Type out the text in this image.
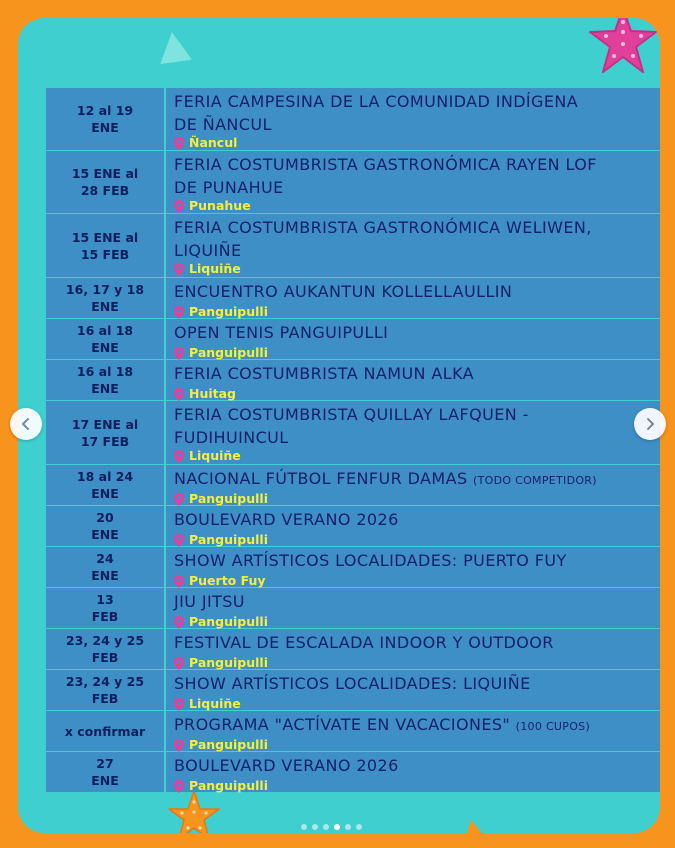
12 al 19
ENE
FERIA CAMPESINA DE LA COMUNIDAD INDÍGENA
DE ÑANCUL
Ñancul
15 ENE al
28 FEB
FERIA COSTUMBRISTA GASTRONÓMICA RAYEN LOF
DE PUNAHUE
Punahue
15 ENE al
15 FEB
FERIA COSTUMBRISTA GASTRONÓMICA WELIWEN,
LIQUIÑE
Liquiñe
16, 17 y 18
ENE
ENCUENTRO AUKANTUN KOLLELLAULLIN
Panguipulli
16 al 18
ENE
OPEN TENIS PANGUIPULLI
Panguipulli
16 al 18
ENE
FERIA COSTUMBRISTA NAMUN ALKA
Huitag
17 ENE al
17 FEB
FERIA COSTUMBRISTA QUILLAY LAFQUEN -
FUDIHUINCUL
Liquiñe
18 al 24
ENE
NACIONAL FÚTBOL FENFUR DAMAS (TODO COMPETIDOR)
Panguipulli
20
ENE
BOULEVARD VERANO 2026
Panguipulli
24
ENE
SHOW ARTÍSTICOS LOCALIDADES: PUERTO FUY
Puerto Fuy
13
FEB
JIU JITSU
Panguipulli
23, 24 y 25
FEB
FESTIVAL DE ESCALADA INDOOR Y OUTDOOR
Panguipulli
23, 24 y 25
FEB
SHOW ARTÍSTICOS LOCALIDADES: LIQUIÑE
Liquiñe
x confirmar PROGRAMA "ACTÍVATE EN VACACIONES" (100 CUPOS)
Panguipulli
27
ENE
BOULEVARD VERANO 2026
Panguipulli
